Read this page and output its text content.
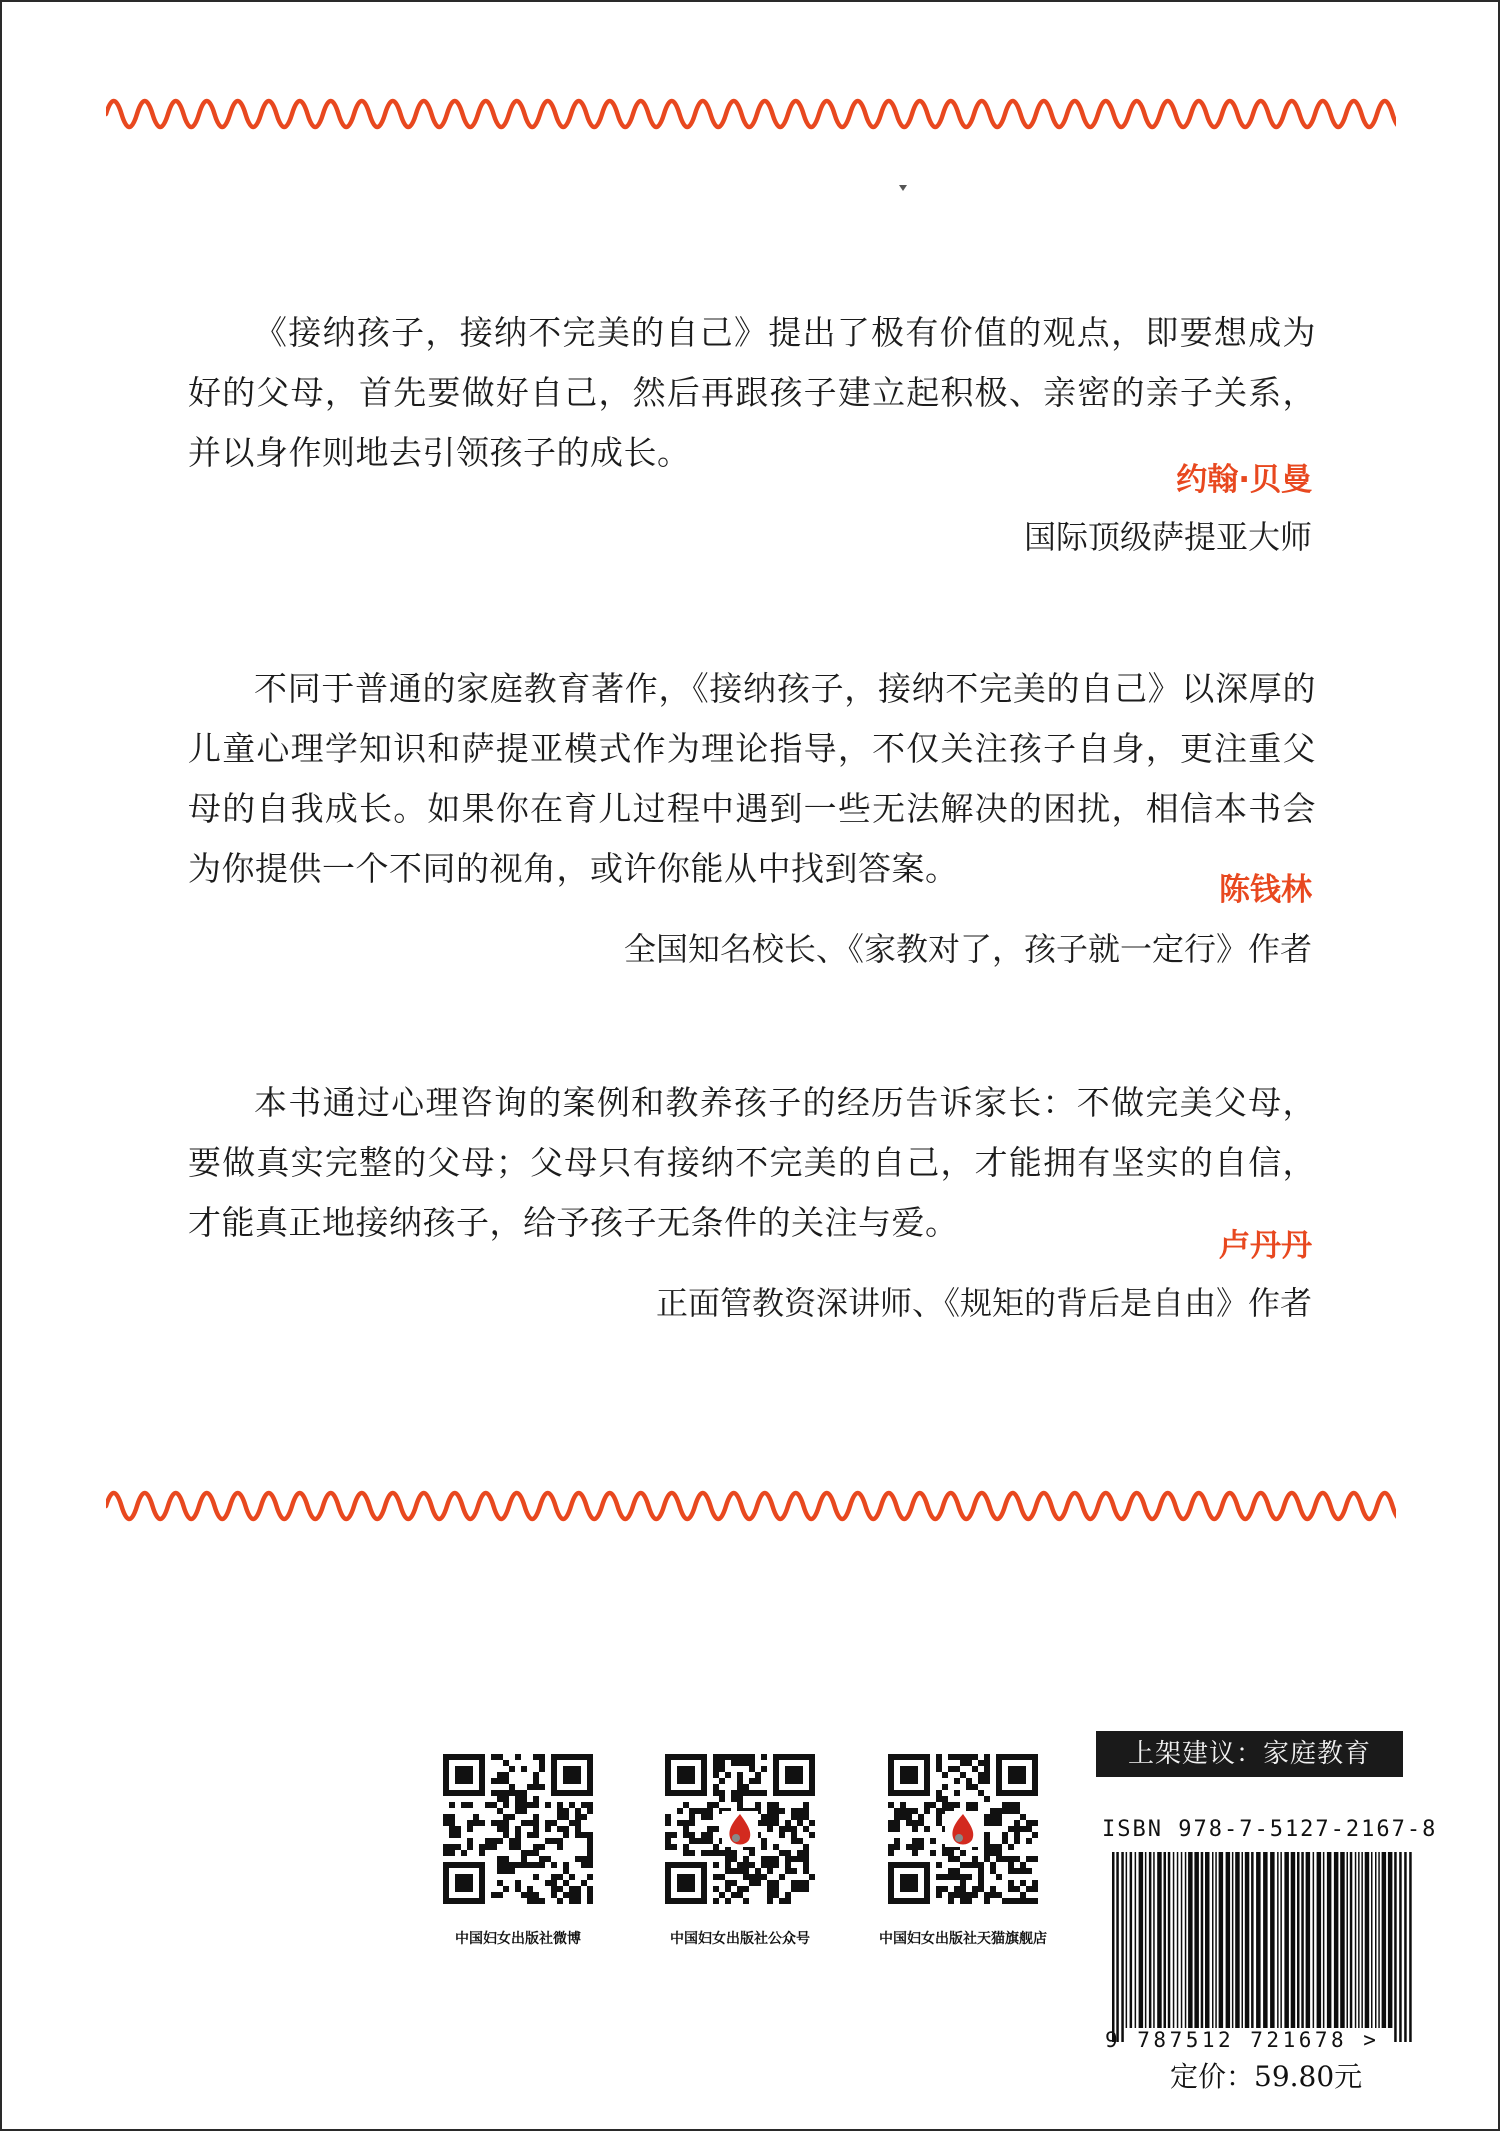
《接纳孩子，接纳不完美的自己》提出了极有价值的观点，即要想成为好的父母，首先要做好自己，然后再跟孩子建立起积极、亲密的亲子关系，并以身作则地去引领孩子的成长。

约翰·贝曼
国际顶级萨提亚大师

不同于普通的家庭教育著作，《接纳孩子，接纳不完美的自己》以深厚的儿童心理学知识和萨提亚模式作为理论指导，不仅关注孩子自身，更注重父母的自我成长。如果你在育儿过程中遇到一些无法解决的困扰，相信本书会为你提供一个不同的视角，或许你能从中找到答案。

陈钱林
全国知名校长、《家教对了，孩子就一定行》作者

本书通过心理咨询的案例和教养孩子的经历告诉家长：不做完美父母，要做真实完整的父母；父母只有接纳不完美的自己，才能拥有坚实的自信，才能真正地接纳孩子，给予孩子无条件的关注与爱。

卢丹丹
正面管教资深讲师、《规矩的背后是自由》作者
中国妇女出版社微博	中国妇女出版社公众号	中国妇女出版社天猫旗舰店
上架建议：家庭教育
ISBN 978-7-5127-2167-8
9 787512 721678 >
定价：59.80元
